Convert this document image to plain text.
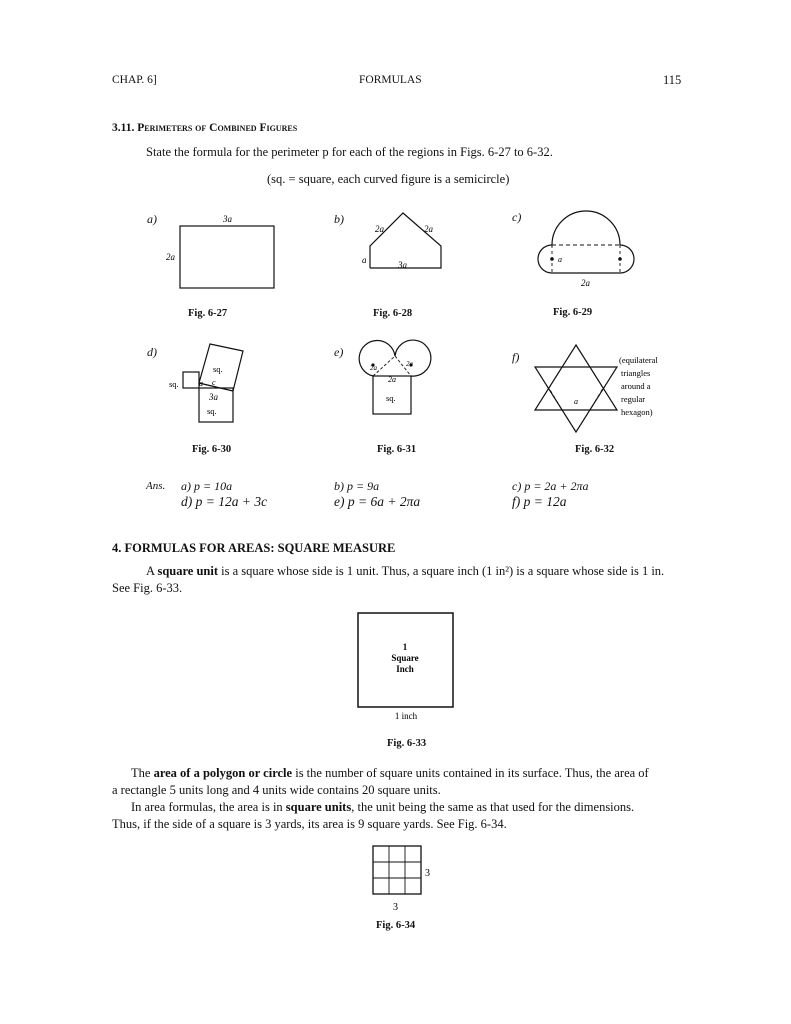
CHAP. 6]	FORMULAS	115
3.11. Perimeters of Combined Figures
State the formula for the perimeter p for each of the regions in Figs. 6-27 to 6-32.
(sq. = square, each curved figure is a semicircle)
a)	b)	c)
d)	e)	f)
3a
2a
2a	2a
a	3a
a
2a
sq.
sq.	a c
3a
sq.
2a	2a
2a
sq.	a
(equilateral
triangles
around a
regular
hexagon)
1
Square
Inch
1 inch
3
3
Fig. 6-27	Fig. 6-28	Fig. 6-29
Fig. 6-30	Fig. 6-31	Fig. 6-32
Ans. a) p = 10a	b) p = 9a	c) p = 2a + 2πa
d) p = 12a + 3c	e) p = 6a + 2πa	f) p = 12a
4. FORMULAS FOR AREAS: SQUARE MEASURE
A square unit is a square whose side is 1 unit. Thus, a square inch (1 in²) is a square whose side is 1 in.
See Fig. 6-33.
Fig. 6-33
The area of a polygon or circle is the number of square units contained in its surface. Thus, the area of
a rectangle 5 units long and 4 units wide contains 20 square units.
In area formulas, the area is in square units, the unit being the same as that used for the dimensions.
Thus, if the side of a square is 3 yards, its area is 9 square yards. See Fig. 6-34.
Fig. 6-34
